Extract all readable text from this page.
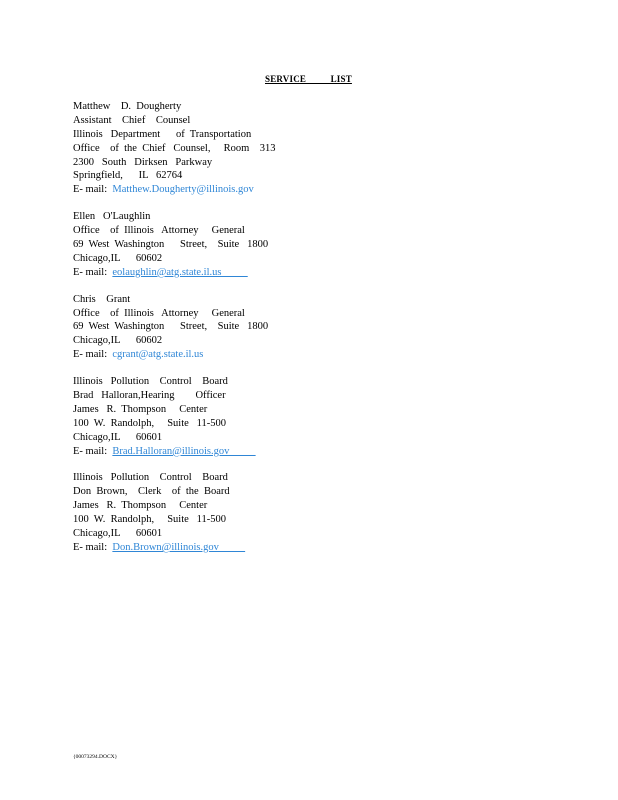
SERVICE          LIST
Matthew    D.  Dougherty
Assistant    Chief    Counsel
Illinois   Department      of  Transportation
Office    of  the  Chief   Counsel,     Room    313
2300   South   Dirksen   Parkway
Springfield,      IL   62764
E- mail:  Matthew.Dougherty@illinois.gov
Ellen   O'Laughlin
Office    of  Illinois   Attorney     General
69  West  Washington      Street,    Suite   1800
Chicago,IL      60602
E- mail:  eolaughlin@atg.state.il.us
Chris    Grant
Office    of  Illinois   Attorney     General
69  West  Washington      Street,    Suite   1800
Chicago,IL      60602
E- mail:  cgrant@atg.state.il.us
Illinois   Pollution    Control    Board
Brad   Halloran,Hearing        Officer
James   R.  Thompson     Center
100  W.  Randolph,     Suite   11-500
Chicago,IL      60601
E- mail:  Brad.Halloran@illinois.gov
Illinois   Pollution    Control    Board
Don  Brown,    Clerk    of  the  Board
James   R.  Thompson     Center
100  W.  Randolph,     Suite   11-500
Chicago,IL      60601
E- mail:  Don.Brown@illinois.gov
{00073294.DOCX}
